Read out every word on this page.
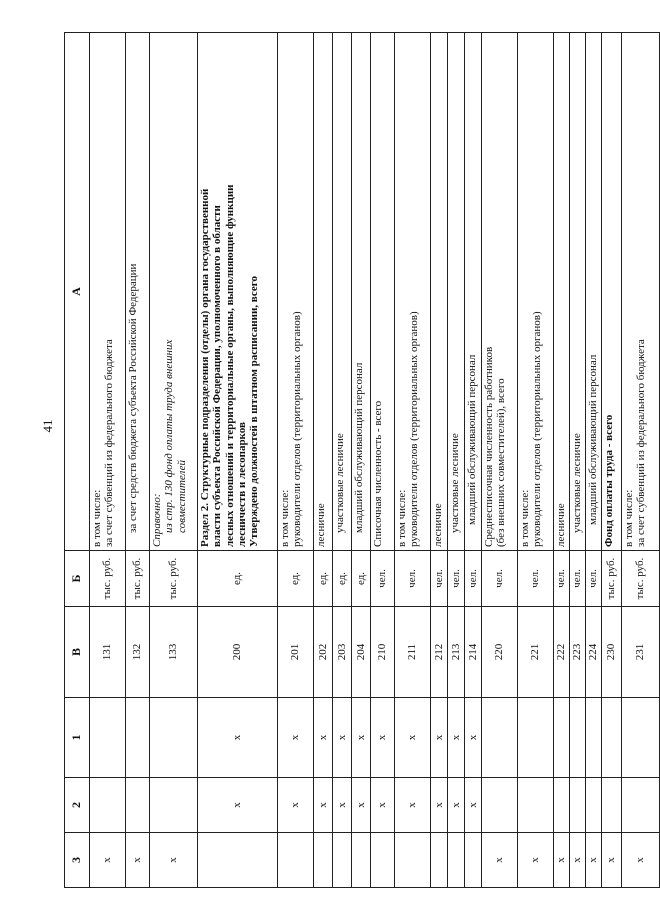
41
3	2	1	В	Б	А
х			131	тыс. руб.	в том числе: за счет субвенций из федерального бюджета

х			132	тыс. руб.	за счет средств бюджета субъекта Российской Федерации

х			133	тыс. руб.	Справочно: из стр. 130 фонд оплаты труда внешних совместителей

	х	х	200	ед.	Раздел 2. Структурные подразделения (отделы) органа государственной власти субъекта Российской Федерации, уполномоченного в области лесных отношений и территориальные органы, выполняющие функции лесничеств и лесопарков Утверждено должностей в штатном расписании, всего

	х	х	201	ед.	в том числе: руководители отделов (территориальных органов)

	х	х	202	ед.	лесничие

	х	х	203	ед.	участковые лесничие

	х	х	204	ед.	младший обслуживающий персонал

	х	х	210	чел.	Списочная численность - всего

	х	х	211	чел.	в том числе: руководители отделов (территориальных органов)

	х	х	212	чел.	лесничие

	х	х	213	чел.	участковые лесничие

	х	х	214	чел.	младший обслуживающий персонал

х			220	чел.	Среднесписочная численность работников (без внешних совместителей), всего

х			221	чел.	в том числе: руководители отделов (территориальных органов)

х			222	чел.	лесничие

х			223	чел.	участковые лесничие

х			224	чел.	младший обслуживающий персонал

х			230	тыс. руб.	Фонд оплаты труда - всего

х			231	тыс. руб.	в том числе: за счет субвенций из федерального бюджета
